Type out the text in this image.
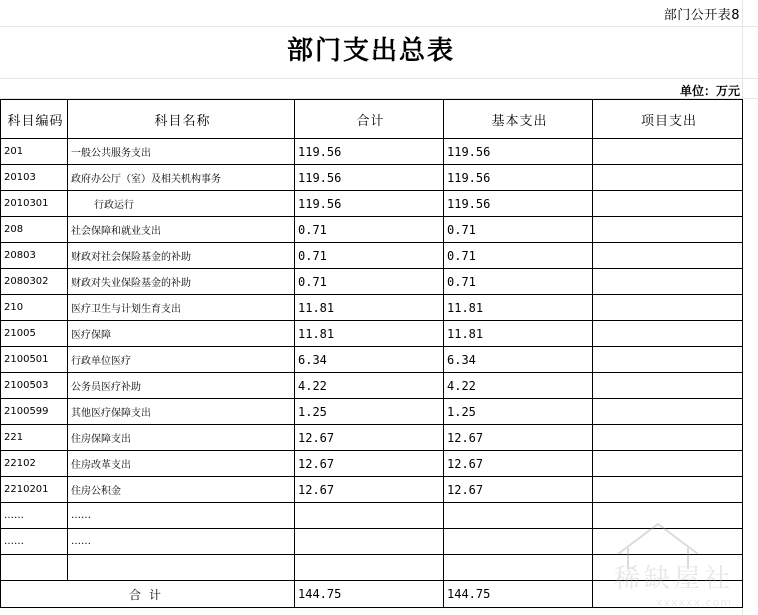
部门公开表8
部门支出总表
单位：万元
科目编码	科目名称	合计	基本支出	项目支出
201	一般公共服务支出	119.56	119.56	
20103	政府办公厅（室）及相关机构事务	119.56	119.56	
2010301	行政运行	119.56	119.56	
208	社会保障和就业支出	0.71	0.71	
20803	财政对社会保险基金的补助	0.71	0.71	
2080302	财政对失业保险基金的补助	0.71	0.71	
210	医疗卫生与计划生育支出	11.81	11.81	
21005	医疗保障	11.81	11.81	
2100501	行政单位医疗	6.34	6.34	
2100503	公务员医疗补助	4.22	4.22	
2100599	其他医疗保障支出	1.25	1.25	
221	住房保障支出	12.67	12.67	
22102	住房改革支出	12.67	12.67	
2210201	住房公积金	12.67	12.67	
……	……			
……	……			

合计		144.75	144.75		稀缺屋社
xxxxxx.com
